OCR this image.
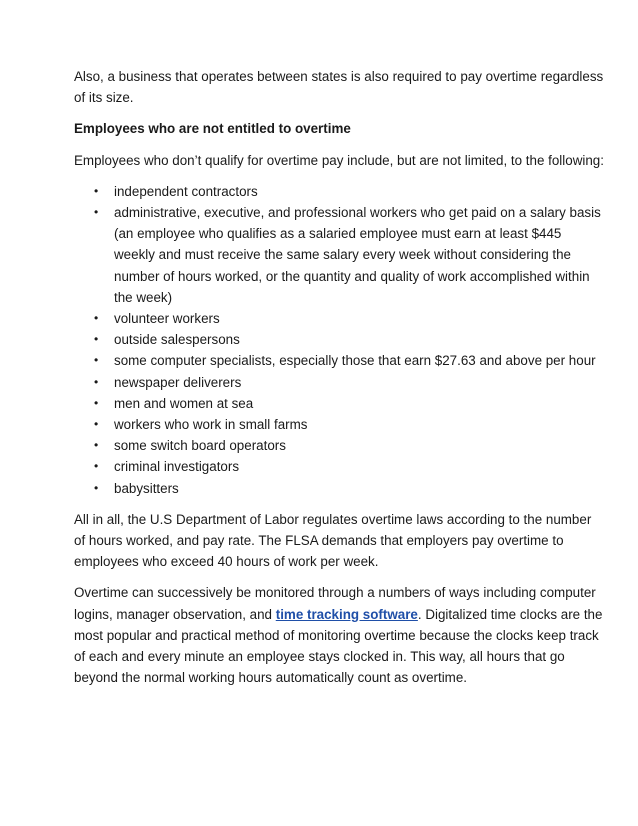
Also, a business that operates between states is also required to pay overtime regardless of its size.

Employees who are not entitled to overtime

Employees who don’t qualify for overtime pay include, but are not limited, to the following:

• independent contractors
• administrative, executive, and professional workers who get paid on a salary basis (an employee who qualifies as a salaried employee must earn at least $445 weekly and must receive the same salary every week without considering the number of hours worked, or the quantity and quality of work accomplished within the week)
• volunteer workers
• outside salespersons
• some computer specialists, especially those that earn $27.63 and above per hour
• newspaper deliverers
• men and women at sea
• workers who work in small farms
• some switch board operators
• criminal investigators
• babysitters

All in all, the U.S Department of Labor regulates overtime laws according to the number of hours worked, and pay rate. The FLSA demands that employers pay overtime to employees who exceed 40 hours of work per week.

Overtime can successively be monitored through a numbers of ways including computer logins, manager observation, and time tracking software. Digitalized time clocks are the most popular and practical method of monitoring overtime because the clocks keep track of each and every minute an employee stays clocked in. This way, all hours that go beyond the normal working hours automatically count as overtime.
